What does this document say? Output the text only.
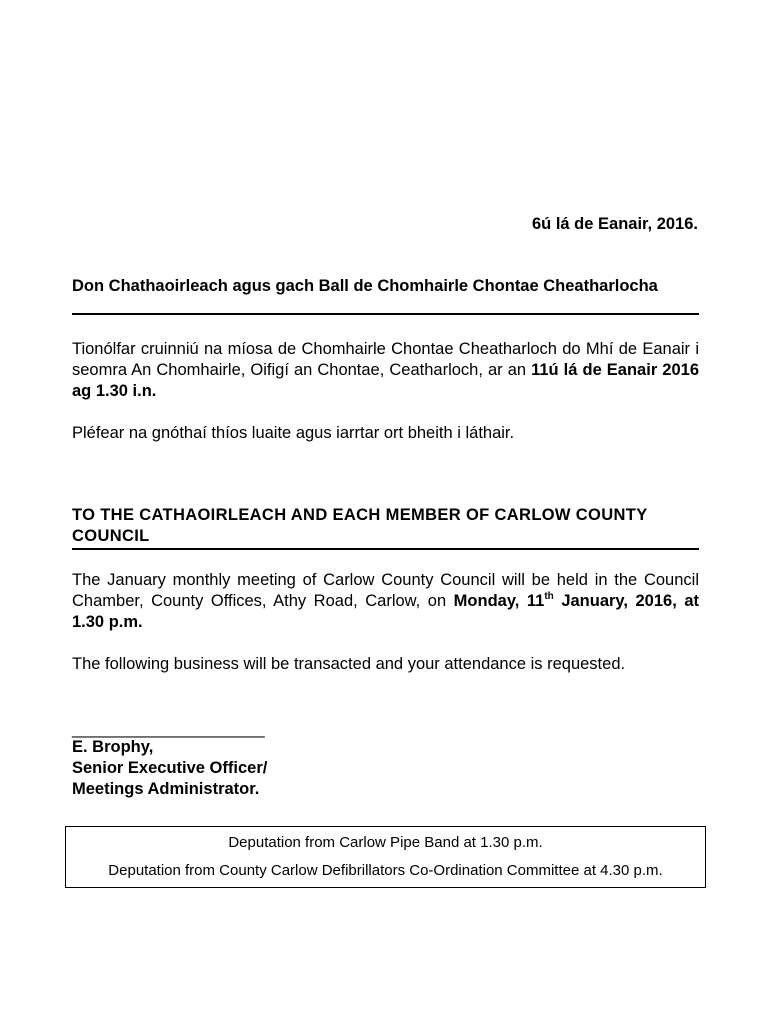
6ú lá de Eanair, 2016.
Don Chathaoirleach agus gach Ball de Chomhairle Chontae Cheatharlocha
Tionólfar cruinniú na míosa de Chomhairle Chontae Cheatharloch do Mhí de Eanair i seomra An Chomhairle, Oifigí an Chontae, Ceatharloch, ar an 11ú lá de Eanair 2016 ag 1.30 i.n.
Pléfear na gnóthaí thíos luaite agus iarrtar ort bheith i láthair.
TO THE CATHAOIRLEACH AND EACH MEMBER OF CARLOW COUNTY COUNCIL
The January monthly meeting of Carlow County Council will be held in the Council Chamber, County Offices, Athy Road, Carlow, on Monday, 11th January, 2016, at 1.30 p.m.
The following business will be transacted and your attendance is requested.
_____________________
E. Brophy,
Senior Executive Officer/
Meetings Administrator.
Deputation from Carlow Pipe Band at 1.30 p.m.
Deputation from County Carlow Defibrillators Co-Ordination Committee at 4.30 p.m.
